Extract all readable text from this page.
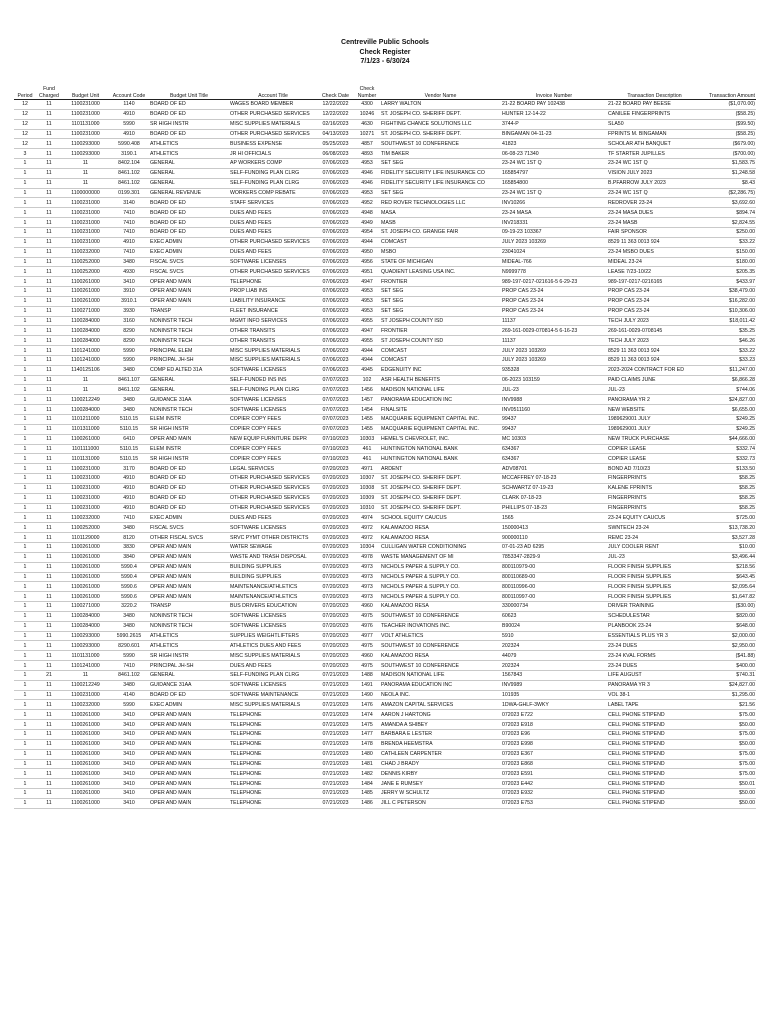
Centreville Public Schools
Check Register
7/1/23 - 6/30/24
Period	Fund Charged	Budget Unit	Account Code	Budget Unit Title	Account Title	Check Date	Check Number	Vendor Name	Invoice Number	Transaction Description	Transaction Amount
12	11	1100231000	1140	BOARD OF ED	WAGES BOARD MEMBER	12/22/2022	4300	LARRY WALTON	21-22 BOARD PAY 102438	21-22 BOARD PAY BEESE	($1,070.00)
12	11	1100231000	4910	BOARD OF ED	OTHER PURCHASED SERVICES	12/22/2022	10246	ST. JOSEPH CO. SHERIFF DEPT.	HUNTER 12-14-22	CANILEE FINGERPRINTS	($58.25)
12	11	1101131000	5990	SR HIGH INSTR	MISC SUPPLIES MATERIALS	02/16/2023	4630	FIGHTING CHANCE SOLUTIONS LLC	3744-P	SLA50	($99.50)
12	11	1100231000	4910	BOARD OF ED	OTHER PURCHASED SERVICES	04/13/2023	10271	ST. JOSEPH CO. SHERIFF DEPT.	BINGAMAN 04-11-23	FPRINTS M. BINGAMAN	($58.25)
12	11	1100293000	5990.408	ATHLETICS	BUSINESS EXPENSE	05/25/2023	4857	SOUTHWEST 10 CONFERENCE	41823	SCHOLAR ATH BANQUET	($679.00)
3	11	1100293000	3190.1	ATHLETICS	JR HI OFFICIALS	06/08/2023	4893	TIM BAKER	06-08-23 71340	TF STARTER JUPILLES	($700.00)
1	11	11	8402.104	GENERAL	AP WORKERS COMP	07/06/2023	4953	SET SEG	23-24 WC 1ST Q	23-24 WC 1ST Q	$1,583.75
1	11	11	8461.102	GENERAL	SELF-FUNDING PLAN CLRG	07/06/2023	4946	FIDELITY SECURITY LIFE INSURANCE CO	165854797	VISION JULY 2023	$1,248.58
1	11	11	8461.102	GENERAL	SELF-FUNDING PLAN CLRG	07/06/2023	4946	FIDELITY SECURITY LIFE INSURANCE CO	165854800	B.PFARROW JULY 2023	$8.43
1	11	1100000000	0199.301	GENERAL REVENUE	WORKERS COMP REBATE	07/06/2023	4953	SET SEG	23-24 WC 1ST Q	23-24 WC 1ST Q	($2,286.75)
1	11	1100231000	3140	BOARD OF ED	STAFF SERVICES	07/06/2023	4952	RED ROVER TECHNOLOGIES LLC	INV10266	REDROVER 23-24	$3,692.60
1	11	1100231000	7410	BOARD OF ED	DUES AND FEES	07/06/2023	4948	MASA	23-24 MASA	23-24 MASA DUES	$894.74
1	11	1100231000	7410	BOARD OF ED	DUES AND FEES	07/06/2023	4949	MASB	INV218331	23-24 MASB	$2,824.55
1	11	1100231000	7410	BOARD OF ED	DUES AND FEES	07/06/2023	4954	ST. JOSEPH CO. GRANGE FAIR	09-19-23 103367	FAIR SPONSOR	$250.00
1	11	1100231000	4910	EXEC ADMIN	OTHER PURCHASED SERVICES	07/06/2023	4944	COMCAST	JULY 2023 103269	8529 11 363 0013 924	$33.22
1	11	1100232000	7410	EXEC ADMIN	DUES AND FEES	07/06/2023	4950	MSBO	23041024	23-24 MSBO DUES	$150.00
1	11	1100252000	3480	FISCAL SVCS	SOFTWARE LICENSES	07/06/2023	4956	STATE OF MICHIGAN	MIDEAL-766	MIDEAL 23-24	$180.00
1	11	1100252000	4930	FISCAL SVCS	OTHER PURCHASED SERVICES	07/06/2023	4951	QUADIENT LEASING USA INC.	N9999778	LEASE 7/23-10/22	$205.35
1	11	1100261000	3410	OPER AND MAIN	TELEPHONE	07/06/2023	4947	FRONTIER	989-197-0217-021616-5 6-29-23	989-197-0217-0216165	$433.97
1	11	1100261000	3910	OPER AND MAIN	PROP LIAB INS	07/06/2023	4953	SET SEG	PROP CAS 23-24	PROP CAS 23-24	$38,479.00
1	11	1100261000	3910.1	OPER AND MAIN	LIABILITY INSURANCE	07/06/2023	4953	SET SEG	PROP CAS 23-24	PROP CAS 23-24	$16,282.00
1	11	1100271000	3930	TRANSP	FLEET INSURANCE	07/06/2023	4953	SET SEG	PROP CAS 23-24	PROP CAS 23-24	$10,306.00
1	11	1100284000	3160	NONINSTR TECH	MGMT INFO SERVICES	07/06/2023	4955	ST JOSEPH COUNTY ISD	11137	TECH JULY 2023	$18,011.42
1	11	1100284000	8290	NONINSTR TECH	OTHER TRANSITS	07/06/2023	4947	FRONTIER	269-161-0029-070814-5 6-16-23	269-161-0029-0708145	$35.25
1	11	1100284000	8290	NONINSTR TECH	OTHER TRANSITS	07/06/2023	4955	ST JOSEPH COUNTY ISD	11137	TECH JULY 2023	$46.26
1	11	1101241000	5990	PRINCIPAL ELEM	MISC SUPPLIES MATERIALS	07/06/2023	4944	COMCAST	JULY 2023 103269	8529 11 363 0013 924	$33.22
1	11	1101241000	5990	PRINCIPAL JH-SH	MISC SUPPLIES MATERIALS	07/06/2023	4944	COMCAST	JULY 2023 103269	8529 11 363 0013 924	$33.23
1	11	1140125106	3480	COMP ED ALTED 31A	SOFTWARE LICENSES	07/06/2023	4945	EDGENUITY INC	935328	2023-2024 CONTRACT FOR ED	$11,247.00
1	11	11	8461.107	GENERAL	SELF-FUNDED INS INS	07/07/2023	102	ASR HEALTH BENEFITS	06-2023 103159	PAID CLAIMS JUNE	$6,866.28
1	11	11	8461.102	GENERAL	SELF-FUNDING PLAN CLRG	07/07/2023	1456	MADISON NATIONAL LIFE	JUL-23	JUL-23	$744.06
1	11	1100212249	3480	GUIDANCE 31AA	SOFTWARE LICENSES	07/07/2023	1457	PANORAMA EDUCATION INC	INV9988	PANORAMA YR 2	$24,827.00
1	11	1100284000	3480	NONINSTR TECH	SOFTWARE LICENSES	07/07/2023	1454	FINALSITE	INV0511160	NEW WEBSITE	$6,655.00
1	11	1101211000	5110.15	ELEM INSTR	COPIER COPY FEES	07/07/2023	1455	MACQUARIE EQUIPMENT CAPITAL INC.	99437	1989629001 JULY	$249.25
1	11	1101311000	5110.15	SR HIGH INSTR	COPIER COPY FEES	07/07/2023	1455	MACQUARIE EQUIPMENT CAPITAL INC.	99437	1989629001 JULY	$249.25
1	11	1100261000	6410	OPER AND MAIN	NEW EQUIP FURNITURE DEPR	07/10/2023	10303	HEMEL'S CHEVROLET, INC.	MC 10303	NEW TRUCK PURCHASE	$44,666.00
1	11	1101111000	5110.15	ELEM INSTR	COPIER COPY FEES	07/10/2023	461	HUNTINGTON NATIONAL BANK	634367	COPIER LEASE	$332.74
1	11	1101131000	5110.15	SR HIGH INSTR	COPIER COPY FEES	07/10/2023	461	HUNTINGTON NATIONAL BANK	634367	COPIER LEASE	$332.73
1	11	1100231000	3170	BOARD OF ED	LEGAL SERVICES	07/20/2023	4971	ARDENT	ADV08701	BOND AD 7/10/23	$133.50
1	11	1100231000	4910	BOARD OF ED	OTHER PURCHASED SERVICES	07/20/2023	10307	ST. JOSEPH CO. SHERIFF DEPT.	MCCAFFREY 07-18-23	FINGERPRINTS	$58.25
1	11	1100231000	4910	BOARD OF ED	OTHER PURCHASED SERVICES	07/20/2023	10308	ST. JOSEPH CO. SHERIFF DEPT.	SCHWARTZ 07-19-23	KALENE FPRINTS	$58.25
1	11	1100231000	4910	BOARD OF ED	OTHER PURCHASED SERVICES	07/20/2023	10309	ST. JOSEPH CO. SHERIFF DEPT.	CLARK 07-18-23	FINGERPRINTS	$58.25
1	11	1100231000	4910	BOARD OF ED	OTHER PURCHASED SERVICES	07/20/2023	10310	ST. JOSEPH CO. SHERIFF DEPT.	PHILLIPS 07-18-23	FINGERPRINTS	$58.25
1	11	1100232000	7410	EXEC ADMIN	DUES AND FEES	07/20/2023	4974	SCHOOL EQUITY CAUCUS	1565	23-24 EQUITY CAUCUS	$725.00
1	11	1100252000	3480	FISCAL SVCS	SOFTWARE LICENSES	07/20/2023	4972	KALAMAZOO RESA	150000413	SWNTECH 23-24	$13,738.20
1	11	1101129000	8120	OTHER FISCAL SVCS	SRVC PYMT OTHER DISTRICTS	07/20/2023	4972	KALAMAZOO RESA	900000110	REMC 23-24	$3,527.28
1	11	1100261000	3830	OPER AND MAIN	WATER SEWAGE	07/20/2023	10304	CULLIGAN WATER CONDITIONING	07-01-23 AD 6295	JULY COOLER RENT	$10.00
1	11	1100261000	3840	OPER AND MAIN	WASTE AND TRASH DISPOSAL	07/20/2023	4978	WASTE MANAGEMENT OF MI	7853347-2829-9	JUL-23	$3,496.44
1	11	1100261000	5990.4	OPER AND MAIN	BUILDING SUPPLIES	07/20/2023	4973	NICHOLS PAPER & SUPPLY CO.	800110979-00	FLOOR FINISH SUPPLIES	$218.56
1	11	1100261000	5990.4	OPER AND MAIN	BUILDING SUPPLIES	07/20/2023	4973	NICHOLS PAPER & SUPPLY CO.	800110689-00	FLOOR FINISH SUPPLIES	$643.45
1	11	1100261000	5990.6	OPER AND MAIN	MAINTENANCE/ATHLETICS	07/20/2023	4973	NICHOLS PAPER & SUPPLY CO.	800110996-00	FLOOR FINISH SUPPLIES	$2,095.64
1	11	1100261000	5990.6	OPER AND MAIN	MAINTENANCE/ATHLETICS	07/20/2023	4973	NICHOLS PAPER & SUPPLY CO.	800110997-00	FLOOR FINISH SUPPLIES	$1,647.82
1	11	1100271000	3220.2	TRANSP	BUS DRIVERS EDUCATION	07/20/2023	4960	KALAMAZOO RESA	330000734	DRIVER TRAINING	($30.00)
1	11	1100284000	3480	NONINSTR TECH	SOFTWARE LICENSES	07/20/2023	4975	SOUTHWEST 10 CONFERENCE	60623	SCHEDULESTAR	$820.00
1	11	1100284000	3480	NONINSTR TECH	SOFTWARE LICENSES	07/20/2023	4976	TEACHER INOVATIONS INC.	B90024	PLANBOOK 23-24	$648.00
1	11	1100293000	5990.2615	ATHLETICS	SUPPLIES WEIGHTLIFTERS	07/20/2023	4977	VOLT ATHLETICS	5910	ESSENTIALS PLUS YR 3	$2,000.00
1	11	1100293000	8290.601	ATHLETICS	ATHLETICS DUES AND FEES	07/20/2023	4975	SOUTHWEST 10 CONFERENCE	202324	23-24 DUES	$2,950.00
1	11	1101131000	5990	SR HIGH INSTR	MISC SUPPLIES MATERIALS	07/20/2023	4960	KALAMAZOO RESA	44079	23-24 KVAL FORMS	($41.88)
1	11	1101241000	7410	PRINCIPAL JH-SH	DUES AND FEES	07/20/2023	4975	SOUTHWEST 10 CONFERENCE	202324	23-24 DUES	$400.00
1	21	11	8461.102	GENERAL	SELF-FUNDING PLAN CLRG	07/21/2023	1488	MADISON NATIONAL LIFE	1567843	LIFE AUGUST	$740.31
1	11	1100212249	3480	GUIDANCE 31AA	SOFTWARE LICENSES	07/21/2023	1491	PANORAMA EDUCATION INC	INV9989	PANORAMA YR 3	$24,827.00
1	11	1100231000	4140	BOARD OF ED	SOFTWARE MAINTENANCE	07/21/2023	1490	NEOLA INC.	101935	VOL 38-1	$1,295.00
1	11	1100232000	5990	EXEC ADMIN	MISC SUPPLIES MATERIALS	07/21/2023	1476	AMAZON CAPITAL SERVICES	1DWA-GHLF-3WKY	LABEL TAPE	$21.56
1	11	1100261000	3410	OPER AND MAIN	TELEPHONE	07/21/2023	1474	AARON J HARTONG	072023 E722	CELL PHONE STIPEND	$75.00
1	11	1100261000	3410	OPER AND MAIN	TELEPHONE	07/21/2023	1475	AMANDA A SHIBEY	072023 E918	CELL PHONE STIPEND	$50.00
1	11	1100261000	3410	OPER AND MAIN	TELEPHONE	07/21/2023	1477	BARBARA E LESTER	072023 E96	CELL PHONE STIPEND	$75.00
1	11	1100261000	3410	OPER AND MAIN	TELEPHONE	07/21/2023	1478	BRENDA HEEMSTRA	072023 E998	CELL PHONE STIPEND	$50.00
1	11	1100261000	3410	OPER AND MAIN	TELEPHONE	07/21/2023	1480	CATHLEEN CARPENTER	072023 E367	CELL PHONE STIPEND	$75.00
1	11	1100261000	3410	OPER AND MAIN	TELEPHONE	07/21/2023	1481	CHAD J BRADY	072023 E868	CELL PHONE STIPEND	$75.00
1	11	1100261000	3410	OPER AND MAIN	TELEPHONE	07/21/2023	1482	DENNIS KIRBY	072023 E591	CELL PHONE STIPEND	$75.00
1	11	1100261000	3410	OPER AND MAIN	TELEPHONE	07/21/2023	1484	JANE E RUMSEY	072023 E442	CELL PHONE STIPEND	$50.01
1	11	1100261000	3410	OPER AND MAIN	TELEPHONE	07/21/2023	1485	JERRY W SCHULTZ	072023 E932	CELL PHONE STIPEND	$50.00
1	11	1100261000	3410	OPER AND MAIN	TELEPHONE	07/21/2023	1486	JILL C PETERSON	072023 E753	CELL PHONE STIPEND	$50.00
